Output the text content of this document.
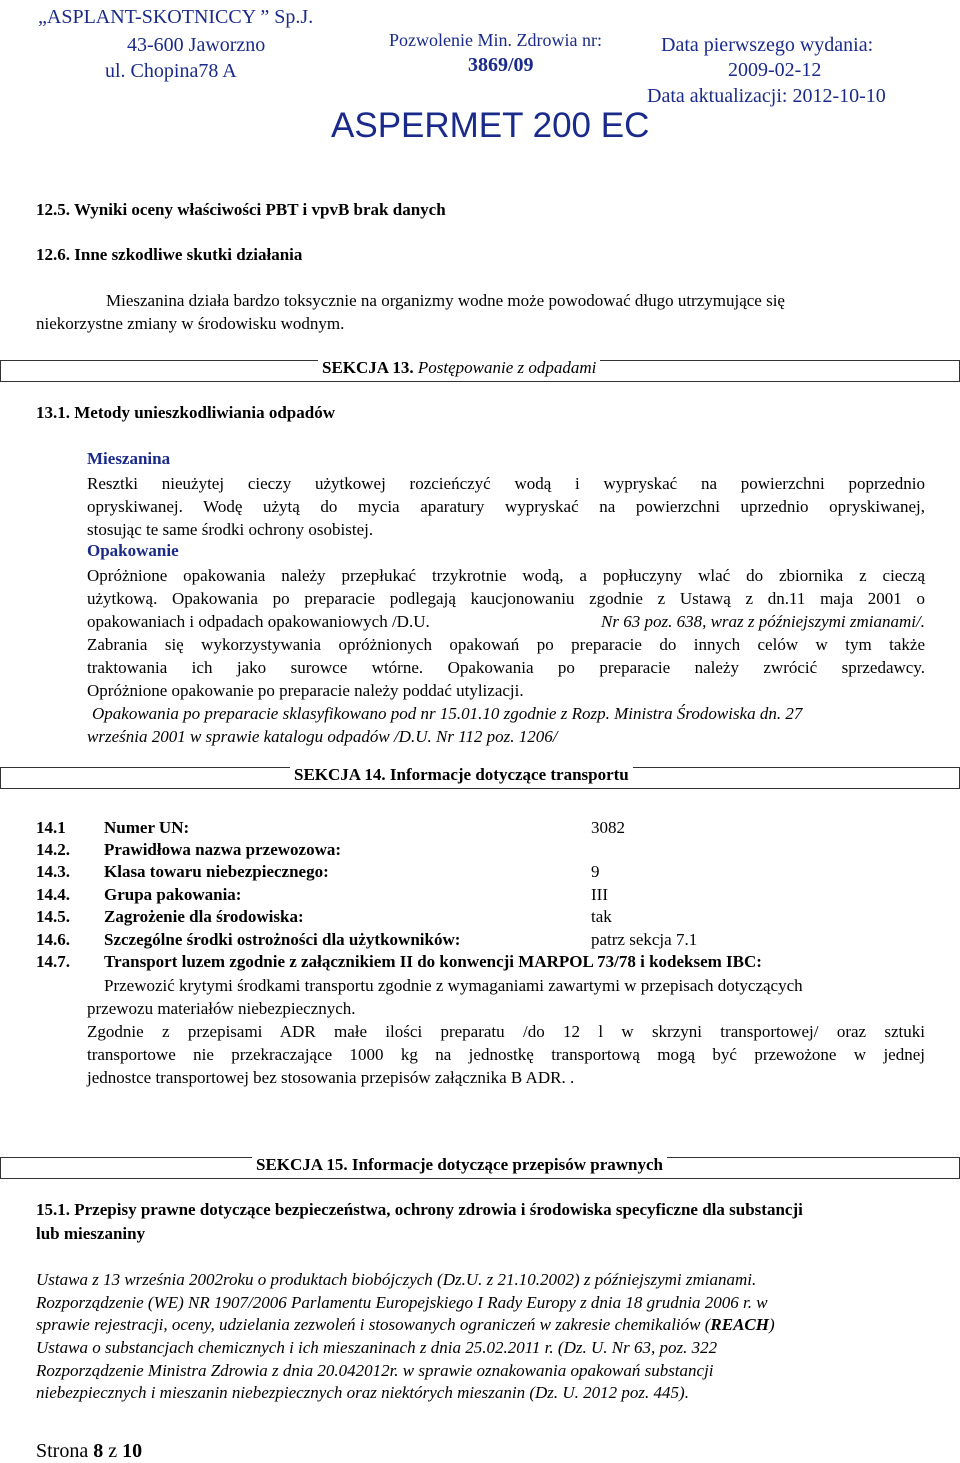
„ASPLANT-SKOTNICCY ” Sp.J.
43-600 Jaworzno
ul. Chopina78 A
Pozwolenie Min. Zdrowia nr:
3869/09
Data pierwszego wydania:
2009-02-12
Data aktualizacji: 2012-10-10
ASPERMET 200 EC
12.5. Wyniki oceny właściwości PBT i vpvB brak danych
12.6. Inne szkodliwe skutki działania
Mieszanina działa bardzo toksycznie na organizmy wodne może powodować długo utrzymujące się
niekorzystne zmiany w środowisku wodnym.
SEKCJA 13. Postępowanie z odpadami
13.1. Metody unieszkodliwiania odpadów
Mieszanina
Resztki nieużytej cieczy użytkowej rozcieńczyć wodą i wypryskać na powierzchni poprzednio
opryskiwanej. Wodę użytą do mycia aparatury wypryskać na powierzchni uprzednio opryskiwanej,
stosując te same środki ochrony osobistej.
Opakowanie
Opróżnione opakowania należy przepłukać trzykrotnie wodą, a popłuczyny wlać do zbiornika z cieczą
użytkową. Opakowania po preparacie podlegają kaucjonowaniu zgodnie z Ustawą z dn.11 maja 2001 o
opakowaniach i odpadach opakowaniowych /D.U.	Nr 63 poz. 638, wraz z późniejszymi zmianami/.
Zabrania się wykorzystywania opróżnionych opakowań po preparacie do innych celów w tym także
traktowania ich jako surowce wtórne. Opakowania po preparacie należy zwrócić sprzedawcy.
Opróżnione opakowanie po preparacie należy poddać utylizacji.
Opakowania po preparacie sklasyfikowano pod nr 15.01.10 zgodnie z Rozp. Ministra Środowiska dn. 27
września 2001 w sprawie katalogu odpadów /D.U. Nr 112 poz. 1206/
SEKCJA 14. Informacje dotyczące transportu
14.1 Numer UN:	3082
14.2. Prawidłowa nazwa przewozowa:
14.3. Klasa towaru niebezpiecznego:	9
14.4. Grupa pakowania:	III
14.5. Zagrożenie dla środowiska:	tak
14.6. Szczególne środki ostrożności dla użytkowników:	patrz sekcja 7.1
14.7. Transport luzem zgodnie z załącznikiem II do konwencji MARPOL 73/78 i kodeksem IBC:
Przewozić krytymi środkami transportu zgodnie z wymaganiami zawartymi w przepisach dotyczących
przewozu materiałów niebezpiecznych.
Zgodnie z przepisami ADR małe ilości preparatu /do 12 l w skrzyni transportowej/ oraz sztuki
transportowe nie przekraczające 1000 kg na jednostkę transportową mogą być przewożone w jednej
jednostce transportowej bez stosowania przepisów załącznika B ADR. .
SEKCJA 15. Informacje dotyczące przepisów prawnych
15.1. Przepisy prawne dotyczące bezpieczeństwa, ochrony zdrowia i środowiska specyficzne dla substancji
lub mieszaniny
Ustawa z 13 września 2002roku o produktach biobójczych (Dz.U. z 21.10.2002) z późniejszymi zmianami.
Rozporządzenie (WE) NR 1907/2006 Parlamentu Europejskiego I Rady Europy z dnia 18 grudnia 2006 r. w
sprawie rejestracji, oceny, udzielania zezwoleń i stosowanych ograniczeń w zakresie chemikaliów (REACH)
Ustawa o substancjach chemicznych i ich mieszaninach z dnia 25.02.2011 r. (Dz. U. Nr 63, poz. 322
Rozporządzenie Ministra Zdrowia z dnia 20.042012r. w sprawie oznakowania opakowań substancji
niebezpiecznych i mieszanin niebezpiecznych oraz niektórych mieszanin (Dz. U. 2012 poz. 445).
Strona 8 z 10
